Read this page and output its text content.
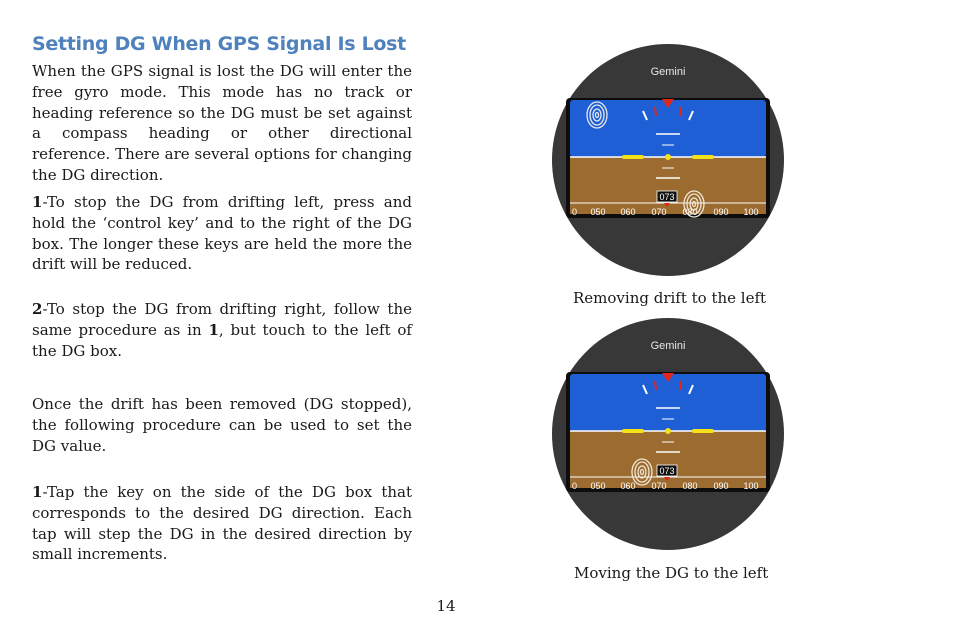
Setting DG When GPS Signal Is Lost

When the GPS signal is lost the DG will enter the free gyro mode. This mode has no track or heading reference so the DG must be set against a compass heading or other directional reference. There are several options for changing the DG direction.

1-To stop the DG from drifting left, press and hold the ‘control key’ and to the right of the DG box. The longer these keys are held the more the drift will be reduced.

2-To stop the DG from drifting right, follow the same procedure as in 1, but touch to the left of the DG box.

Once the drift has been removed (DG stopped), the following procedure can be used to set the DG value.

1-Tap the key on the side of the DG box that corresponds to the desired DG direction. Each tap will step the DG in the desired direction by small increments.

Gemini
073
0 050 060 070 080 090 100
Removing drift to the left
Gemini
073
0 050 060 070 080 090 100
Moving the DG to the left
14
